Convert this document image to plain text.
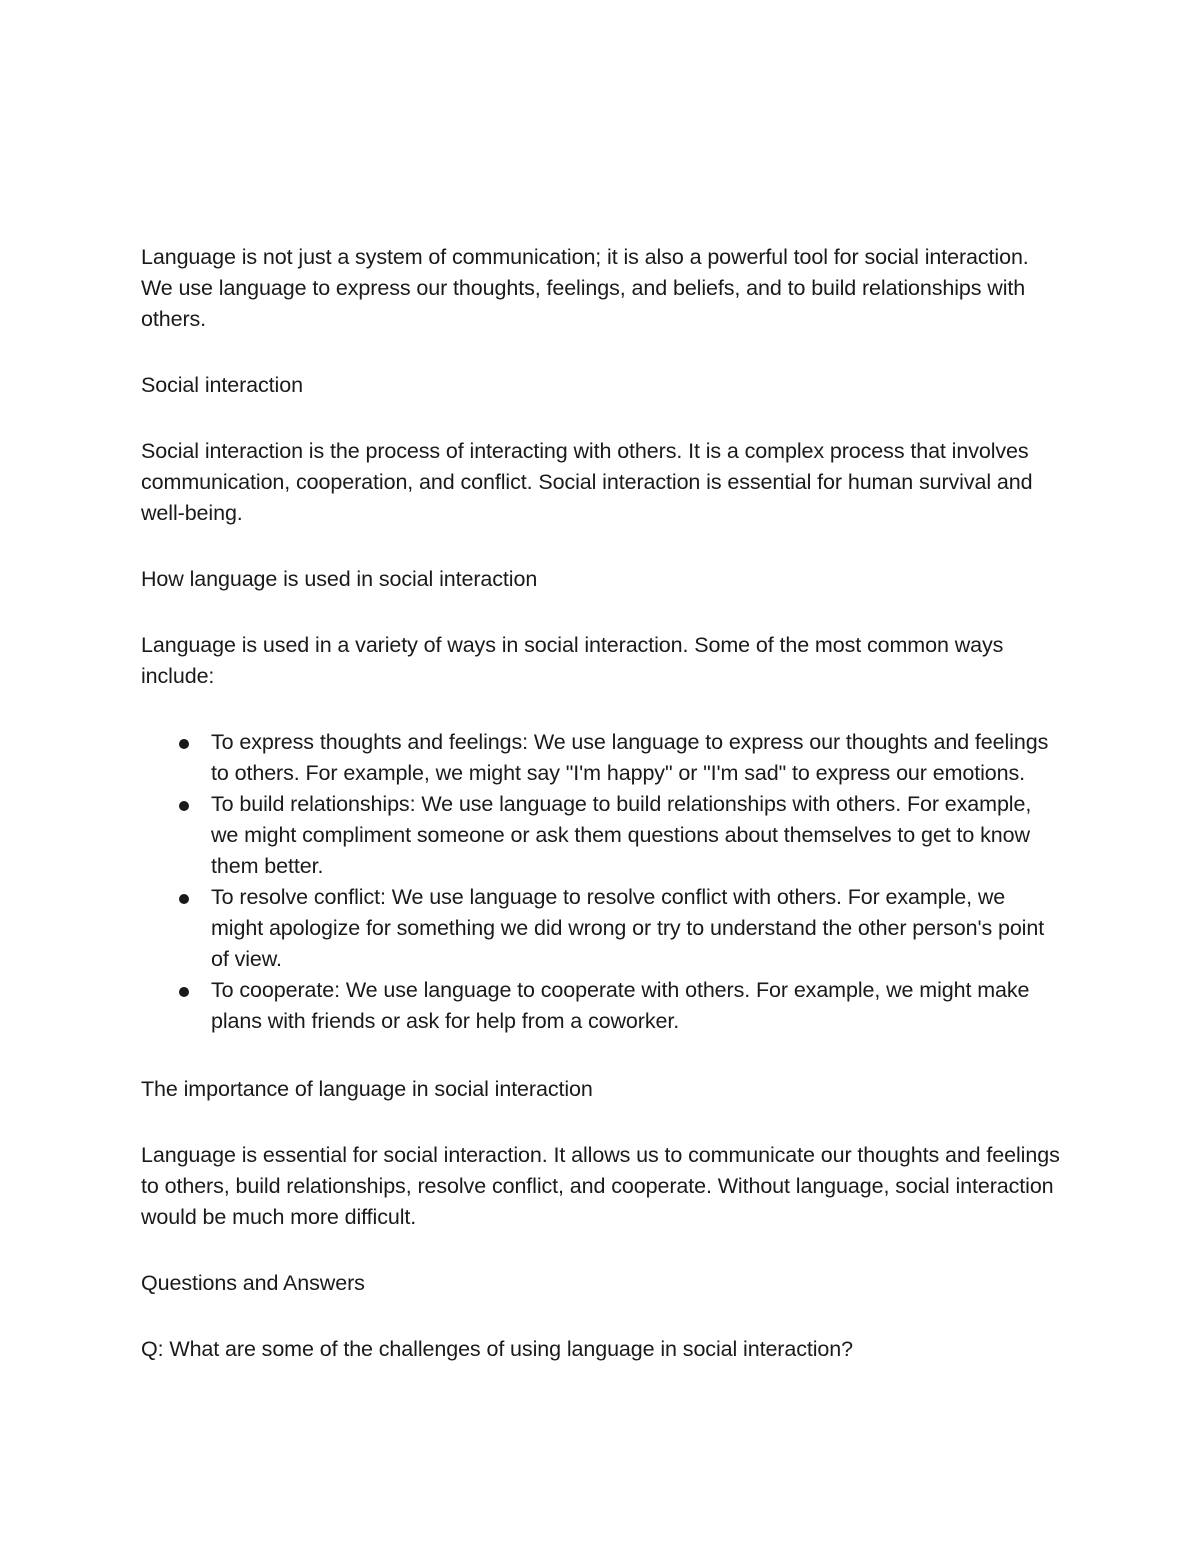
Language is not just a system of communication; it is also a powerful tool for social interaction. We use language to express our thoughts, feelings, and beliefs, and to build relationships with others.

Social interaction

Social interaction is the process of interacting with others. It is a complex process that involves communication, cooperation, and conflict. Social interaction is essential for human survival and well-being.

How language is used in social interaction

Language is used in a variety of ways in social interaction. Some of the most common ways include:

To express thoughts and feelings: We use language to express our thoughts and feelings to others. For example, we might say "I'm happy" or "I'm sad" to express our emotions.
To build relationships: We use language to build relationships with others. For example, we might compliment someone or ask them questions about themselves to get to know them better.
To resolve conflict: We use language to resolve conflict with others. For example, we might apologize for something we did wrong or try to understand the other person's point of view.
To cooperate: We use language to cooperate with others. For example, we might make plans with friends or ask for help from a coworker.

The importance of language in social interaction

Language is essential for social interaction. It allows us to communicate our thoughts and feelings to others, build relationships, resolve conflict, and cooperate. Without language, social interaction would be much more difficult.

Questions and Answers

Q: What are some of the challenges of using language in social interaction?
